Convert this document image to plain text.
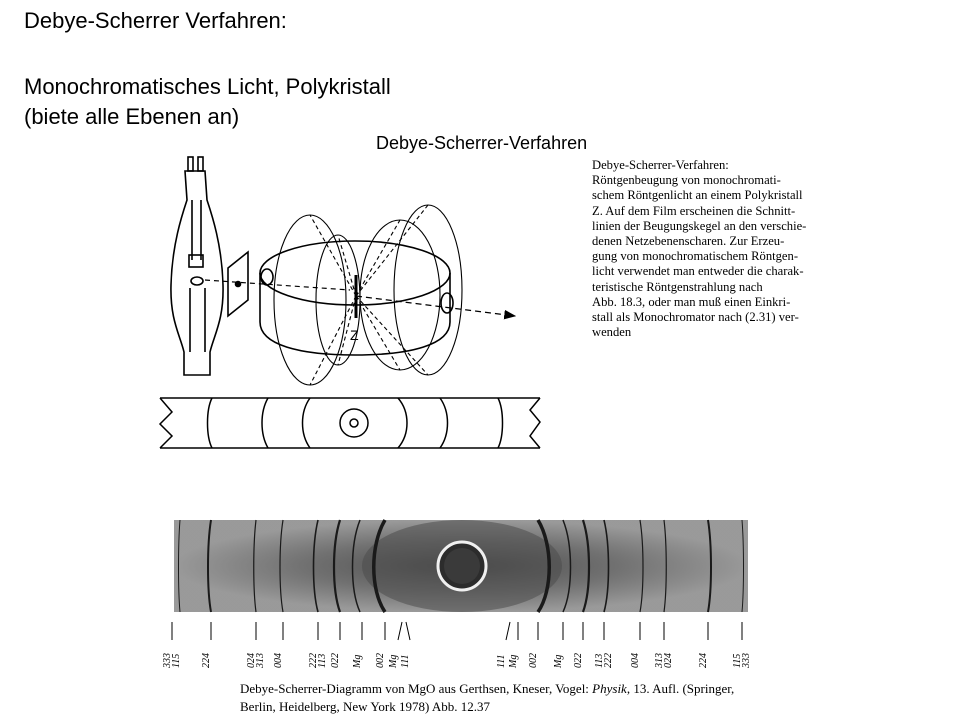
Debye-Scherrer Verfahren:
Monochromatisches Licht, Polykristall
(biete alle Ebenen an)
Debye-Scherrer-Verfahren
Debye-Scherrer-Verfahren:
Röntgenbeugung von monochromati-
schem Röntgenlicht an einem Polykristall
Z. Auf dem Film erscheinen die Schnitt-
linien der Beugungskegel an den verschie-
denen Netzebenenscharen. Zur Erzeu-
gung von monochromatischem Röntgen-
licht verwendet man entweder die charak-
teristische Röntgenstrahlung nach
Abb. 18.3, oder man muß einen Einkri-
stall als Monochromator nach (2.31) ver-
wenden
Z
333
115 224	024
313 004 222
113 022 Mg 002 Mg 111	111 Mg 002 Mg 022 113
222 004 313
024 224 115
333
Debye-Scherrer-Diagramm von MgO aus Gerthsen, Kneser, Vogel: Physik, 13. Aufl. (Springer,
Berlin, Heidelberg, New York 1978) Abb. 12.37
